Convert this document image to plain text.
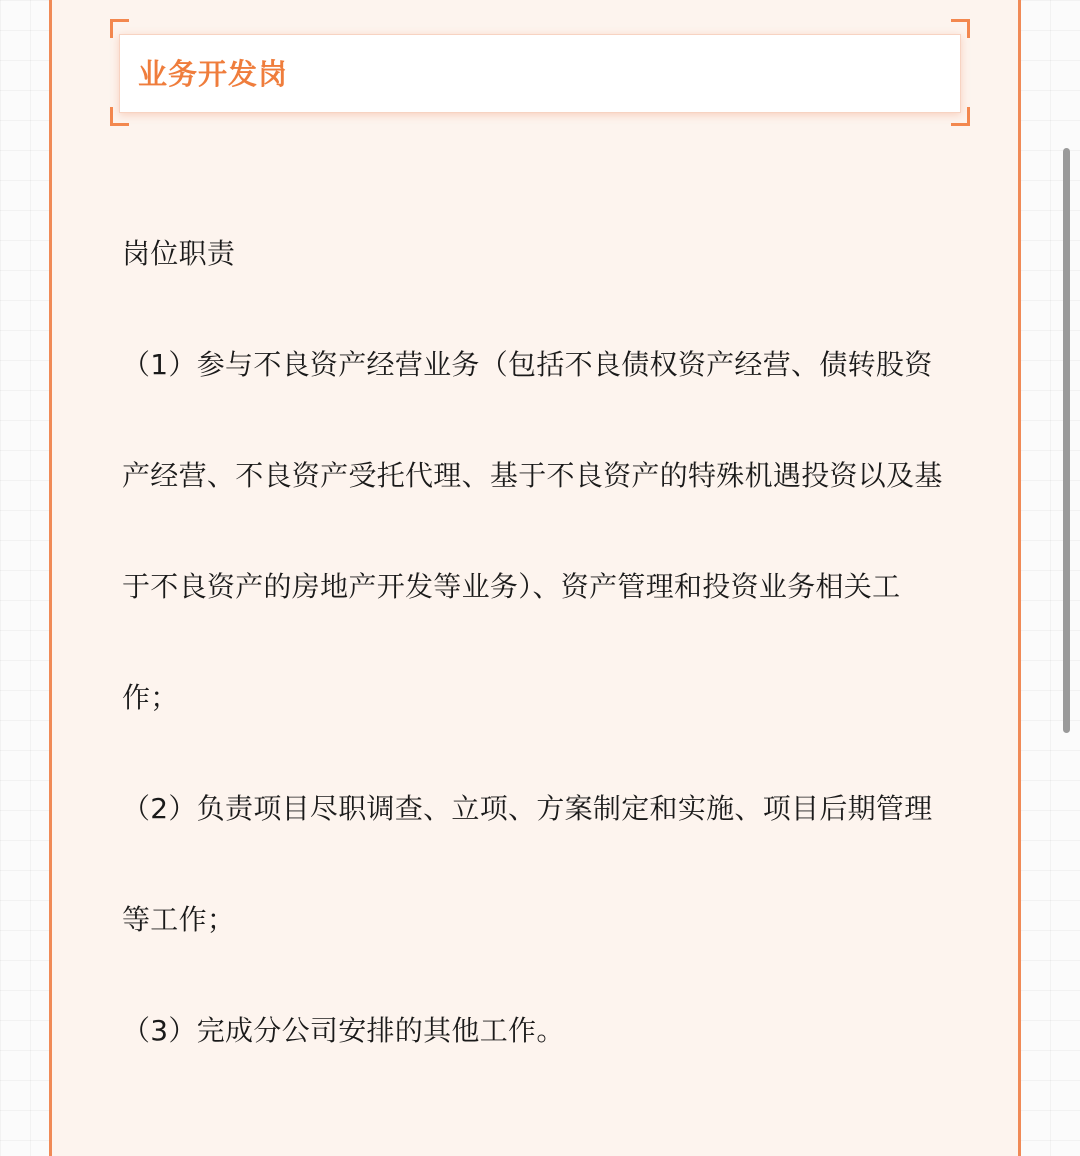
业务开发岗

岗位职责

（1）参与不良资产经营业务（包括不良债权资产经营、债转股资

产经营、不良资产受托代理、基于不良资产的特殊机遇投资以及基

于不良资产的房地产开发等业务）、资产管理和投资业务相关工

作；

（2）负责项目尽职调查、立项、方案制定和实施、项目后期管理

等工作；

（3）完成分公司安排的其他工作。
